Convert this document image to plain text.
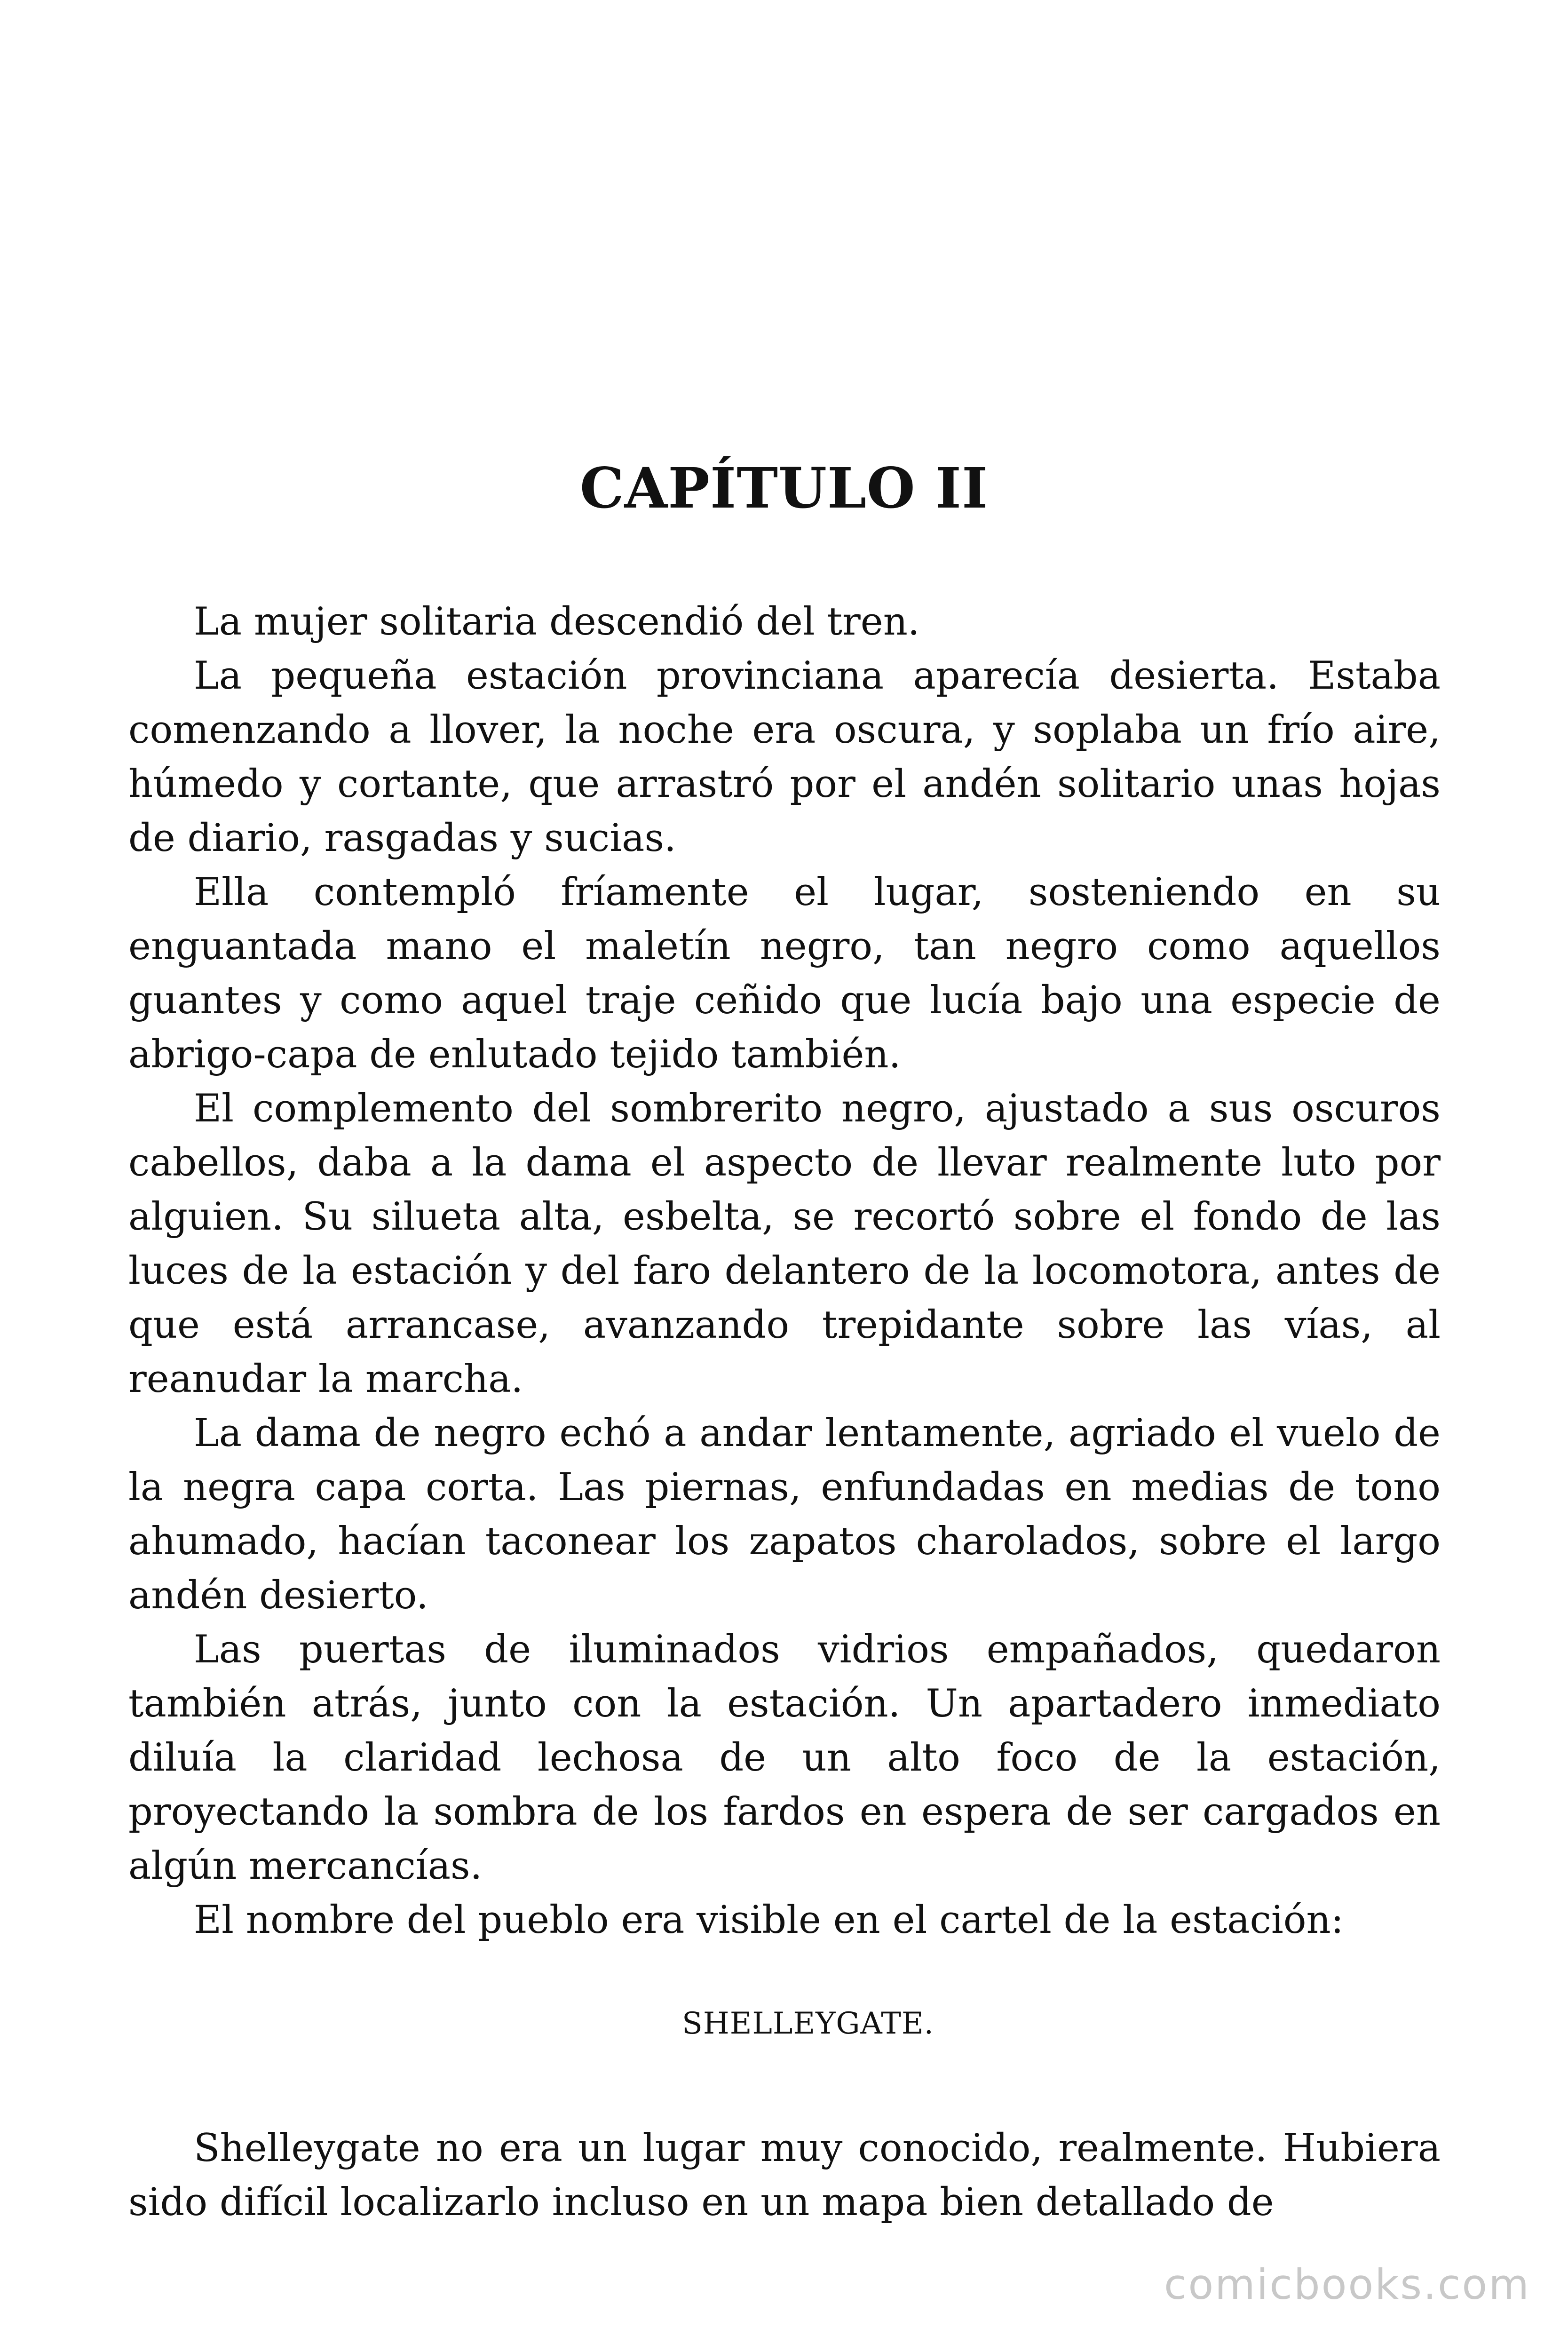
CAPÍTULO II

La mujer solitaria descendió del tren.

La pequeña estación provinciana aparecía desierta. Estaba comenzando a llover, la noche era oscura, y soplaba un frío aire, húmedo y cortante, que arrastró por el andén solitario unas hojas de diario, rasgadas y sucias.

Ella contempló fríamente el lugar, sosteniendo en su enguantada mano el maletín negro, tan negro como aquellos guantes y como aquel traje ceñido que lucía bajo una especie de abrigo-capa de enlutado tejido también.

El complemento del sombrerito negro, ajustado a sus oscuros cabellos, daba a la dama el aspecto de llevar realmente luto por alguien. Su silueta alta, esbelta, se recortó sobre el fondo de las luces de la estación y del faro delantero de la locomotora, antes de que está arrancase, avanzando trepidante sobre las vías, al reanudar la marcha.

La dama de negro echó a andar lentamente, agriado el vuelo de la negra capa corta. Las piernas, enfundadas en medias de tono ahumado, hacían taconear los zapatos charolados, sobre el largo andén desierto.

Las puertas de iluminados vidrios empañados, quedaron también atrás, junto con la estación. Un apartadero inmediato diluía la claridad lechosa de un alto foco de la estación, proyectando la sombra de los fardos en espera de ser cargados en algún mercancías.

El nombre del pueblo era visible en el cartel de la estación:

SHELLEYGATE.

Shelleygate no era un lugar muy conocido, realmente. Hubiera sido difícil localizarlo incluso en un mapa bien detallado de

comicbooks.com
